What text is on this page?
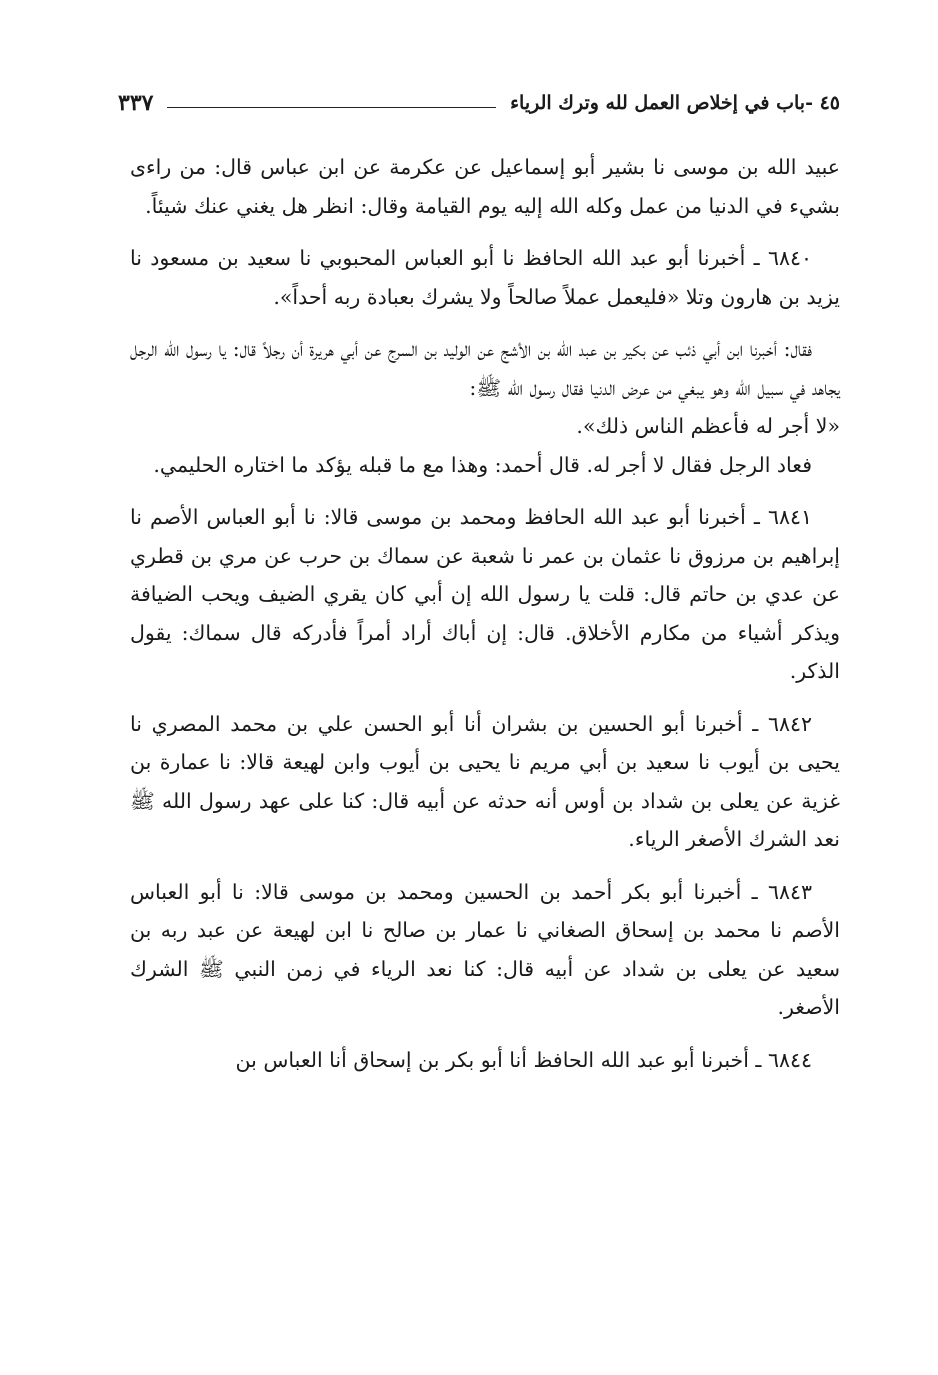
٤٥ -باب في إخلاص العمل لله وترك الرياء
٣٣٧

عبيد الله بن موسى نا بشير أبو إسماعيل عن عكرمة عن ابن عباس قال: من راءى بشيء في الدنيا من عمل وكله الله إليه يوم القيامة وقال: انظر هل يغني عنك شيئاً.

٦٨٤٠ ـ أخبرنا أبو عبد الله الحافظ نا أبو العباس المحبوبي نا سعيد بن مسعود نا يزيد بن هارون وتلا «فليعمل عملاً صالحاً ولا يشرك بعبادة ربه أحداً».

فقال: أخبرنا ابن أبي ذئب عن بكير بن عبد الله بن الأشج عن الوليد بن السرج عن أبي هريرة أن رجلاً قال: يا رسول الله الرجل يجاهد في سبيل الله وهو يبغي من عرض الدنيا فقال رسول الله ﷺ:

«لا أجر له فأعظم الناس ذلك».

فعاد الرجل فقال لا أجر له. قال أحمد: وهذا مع ما قبله يؤكد ما اختاره الحليمي.

٦٨٤١ ـ أخبرنا أبو عبد الله الحافظ ومحمد بن موسى قالا: نا أبو العباس الأصم نا إبراهيم بن مرزوق نا عثمان بن عمر نا شعبة عن سماك بن حرب عن مري بن قطري عن عدي بن حاتم قال: قلت يا رسول الله إن أبي كان يقري الضيف ويحب الضيافة ويذكر أشياء من مكارم الأخلاق. قال: إن أباك أراد أمراً فأدركه قال سماك: يقول الذكر.

٦٨٤٢ ـ أخبرنا أبو الحسين بن بشران أنا أبو الحسن علي بن محمد المصري نا يحيى بن أيوب نا سعيد بن أبي مريم نا يحيى بن أيوب وابن لهيعة قالا: نا عمارة بن غزية عن يعلى بن شداد بن أوس أنه حدثه عن أبيه قال: كنا على عهد رسول الله ﷺ نعد الشرك الأصغر الرياء.

٦٨٤٣ ـ أخبرنا أبو بكر أحمد بن الحسين ومحمد بن موسى قالا: نا أبو العباس الأصم نا محمد بن إسحاق الصغاني نا عمار بن صالح نا ابن لهيعة عن عبد ربه بن سعيد عن يعلى بن شداد عن أبيه قال: كنا نعد الرياء في زمن النبي ﷺ الشرك الأصغر.

٦٨٤٤ ـ أخبرنا أبو عبد الله الحافظ أنا أبو بكر بن إسحاق أنا العباس بن
